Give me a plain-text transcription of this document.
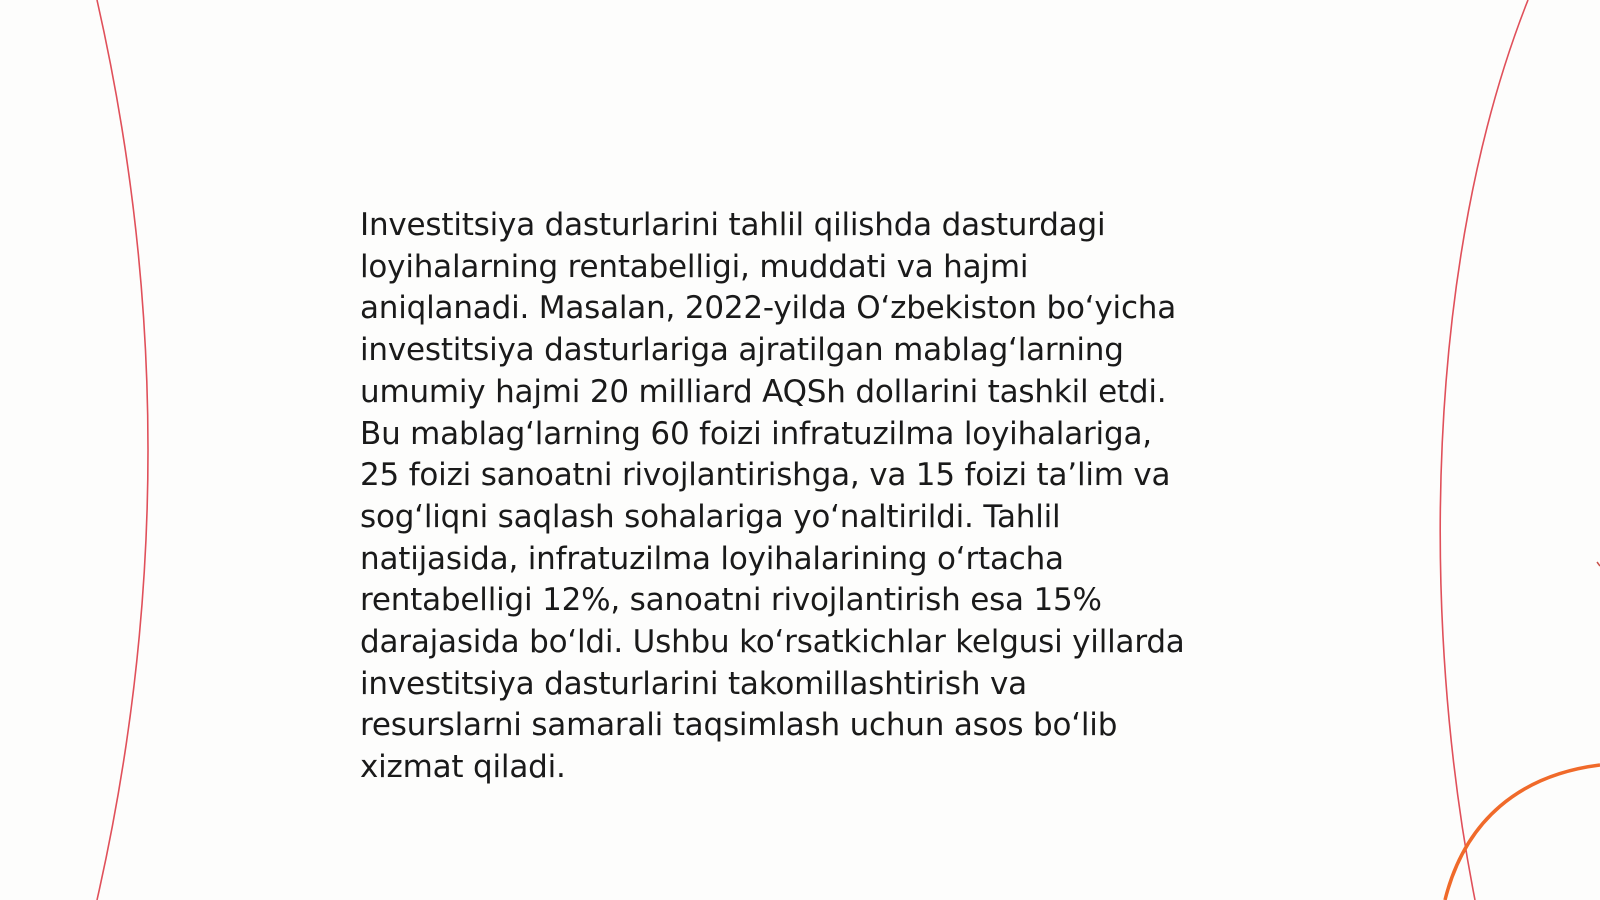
Investitsiya dasturlarini tahlil qilishda dasturdagi
loyihalarning rentabelligi, muddati va hajmi
aniqlanadi. Masalan, 2022-yilda O‘zbekiston bo‘yicha
investitsiya dasturlariga ajratilgan mablag‘larning
umumiy hajmi 20 milliard AQSh dollarini tashkil etdi.
Bu mablag‘larning 60 foizi infratuzilma loyihalariga,
25 foizi sanoatni rivojlantirishga, va 15 foizi ta’lim va
sog‘liqni saqlash sohalariga yo‘naltirildi. Tahlil
natijasida, infratuzilma loyihalarining o‘rtacha
rentabelligi 12%, sanoatni rivojlantirish esa 15%
darajasida bo‘ldi. Ushbu ko‘rsatkichlar kelgusi yillarda
investitsiya dasturlarini takomillashtirish va
resurslarni samarali taqsimlash uchun asos bo‘lib
xizmat qiladi.
